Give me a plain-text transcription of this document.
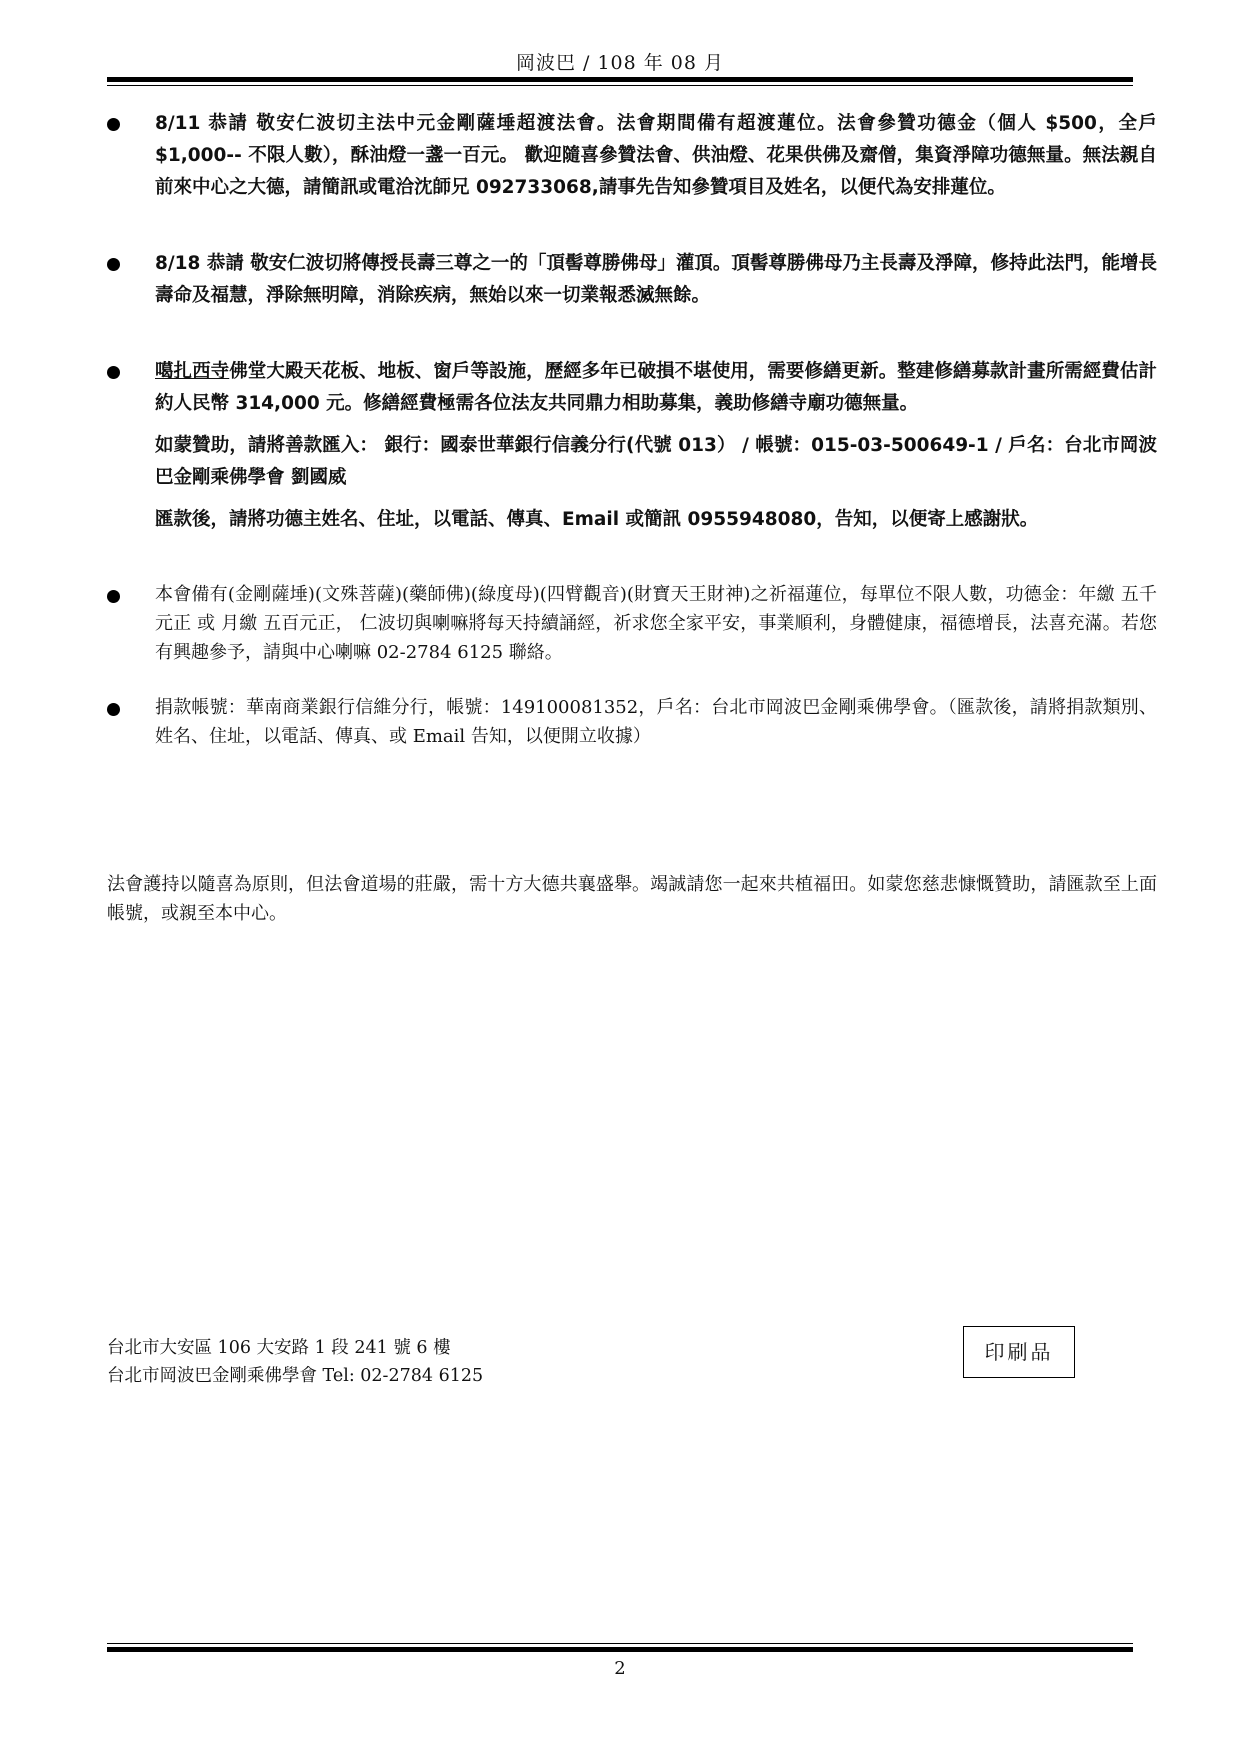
岡波巴 / 108 年 08 月
8/11 恭請 敬安仁波切主法中元金剛薩埵超渡法會。法會期間備有超渡蓮位。法會參贊功德金（個人 $500，全戶$1,000-- 不限人數），酥油燈一盞一百元。 歡迎隨喜參贊法會、供油燈、花果供佛及齋僧，集資淨障功德無量。無法親自前來中心之大德，請簡訊或電洽沈師兄 092733068,請事先告知參贊項目及姓名，以便代為安排蓮位。
8/18 恭請 敬安仁波切將傳授長壽三尊之一的「頂髻尊勝佛母」灌頂。頂髻尊勝佛母乃主長壽及淨障，修持此法門，能增長壽命及福慧，淨除無明障，消除疾病，無始以來一切業報悉滅無餘。
噶扎西寺佛堂大殿天花板、地板、窗戶等設施，歷經多年已破損不堪使用，需要修繕更新。整建修繕募款計畫所需經費估計約人民幣 314,000 元。修繕經費極需各位法友共同鼎力相助募集，義助修繕寺廟功德無量。
如蒙贊助，請將善款匯入： 銀行：國泰世華銀行信義分行(代號 013） / 帳號：015-03-500649-1 / 戶名：台北市岡波巴金剛乘佛學會 劉國威
匯款後，請將功德主姓名、住址，以電話、傳真、Email 或簡訊 0955948080，告知，以便寄上感謝狀。
本會備有(金剛薩埵)(文殊菩薩)(藥師佛)(綠度母)(四臂觀音)(財寶天王財神)之祈福蓮位，每單位不限人數，功德金：年繳 五千元正 或 月繳 五百元正， 仁波切與喇嘛將每天持續誦經，祈求您全家平安，事業順利，身體健康，福德增長，法喜充滿。若您有興趣參予，請與中心喇嘛 02-2784 6125 聯絡。
捐款帳號：華南商業銀行信維分行，帳號：149100081352，戶名：台北市岡波巴金剛乘佛學會。（匯款後，請將捐款類別、姓名、住址，以電話、傳真、或 Email 告知，以便開立收據）

法會護持以隨喜為原則，但法會道場的莊嚴，需十方大德共襄盛舉。竭誠請您一起來共植福田。如蒙您慈悲慷慨贊助，請匯款至上面帳號，或親至本中心。

台北市大安區 106 大安路 1 段 241 號 6 樓
台北市岡波巴金剛乘佛學會 Tel: 02-2784 6125
印刷品
2
